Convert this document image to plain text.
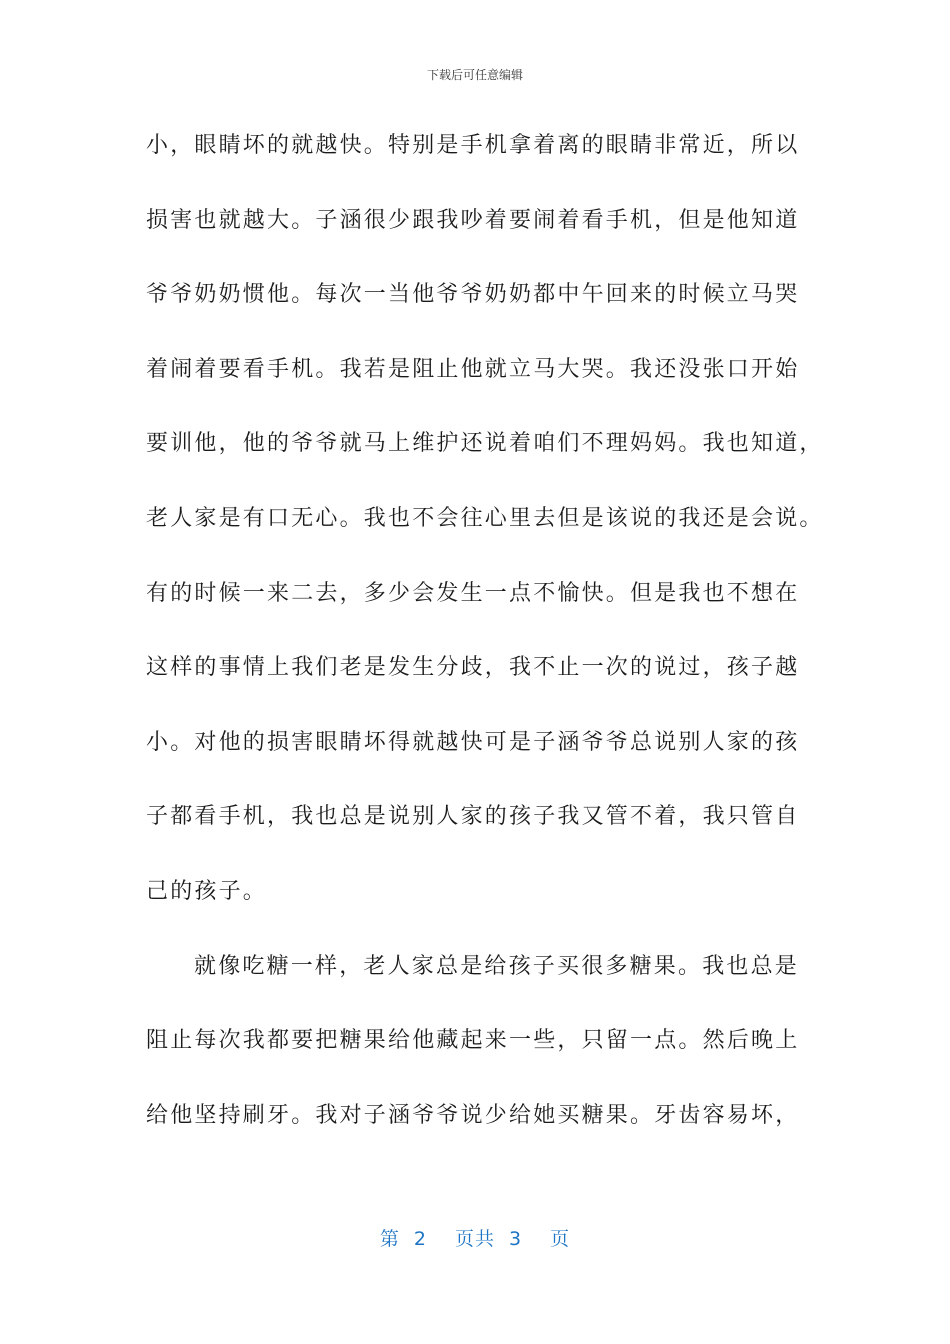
下载后可任意编辑
小，眼睛坏的就越快。特别是手机拿着离的眼睛非常近，所以
损害也就越大。子涵很少跟我吵着要闹着看手机，但是他知道
爷爷奶奶惯他。每次一当他爷爷奶奶都中午回来的时候立马哭
着闹着要看手机。我若是阻止他就立马大哭。我还没张口开始
要训他，他的爷爷就马上维护还说着咱们不理妈妈。我也知道，
老人家是有口无心。我也不会往心里去但是该说的我还是会说。
有的时候一来二去，多少会发生一点不愉快。但是我也不想在
这样的事情上我们老是发生分歧，我不止一次的说过，孩子越
小。对他的损害眼睛坏得就越快可是子涵爷爷总说别人家的孩
子都看手机，我也总是说别人家的孩子我又管不着，我只管自
己的孩子。
就像吃糖一样，老人家总是给孩子买很多糖果。我也总是
阻止每次我都要把糖果给他藏起来一些，只留一点。然后晚上
给他坚持刷牙。我对子涵爷爷说少给她买糖果。牙齿容易坏，
第 2 页共 3 页
